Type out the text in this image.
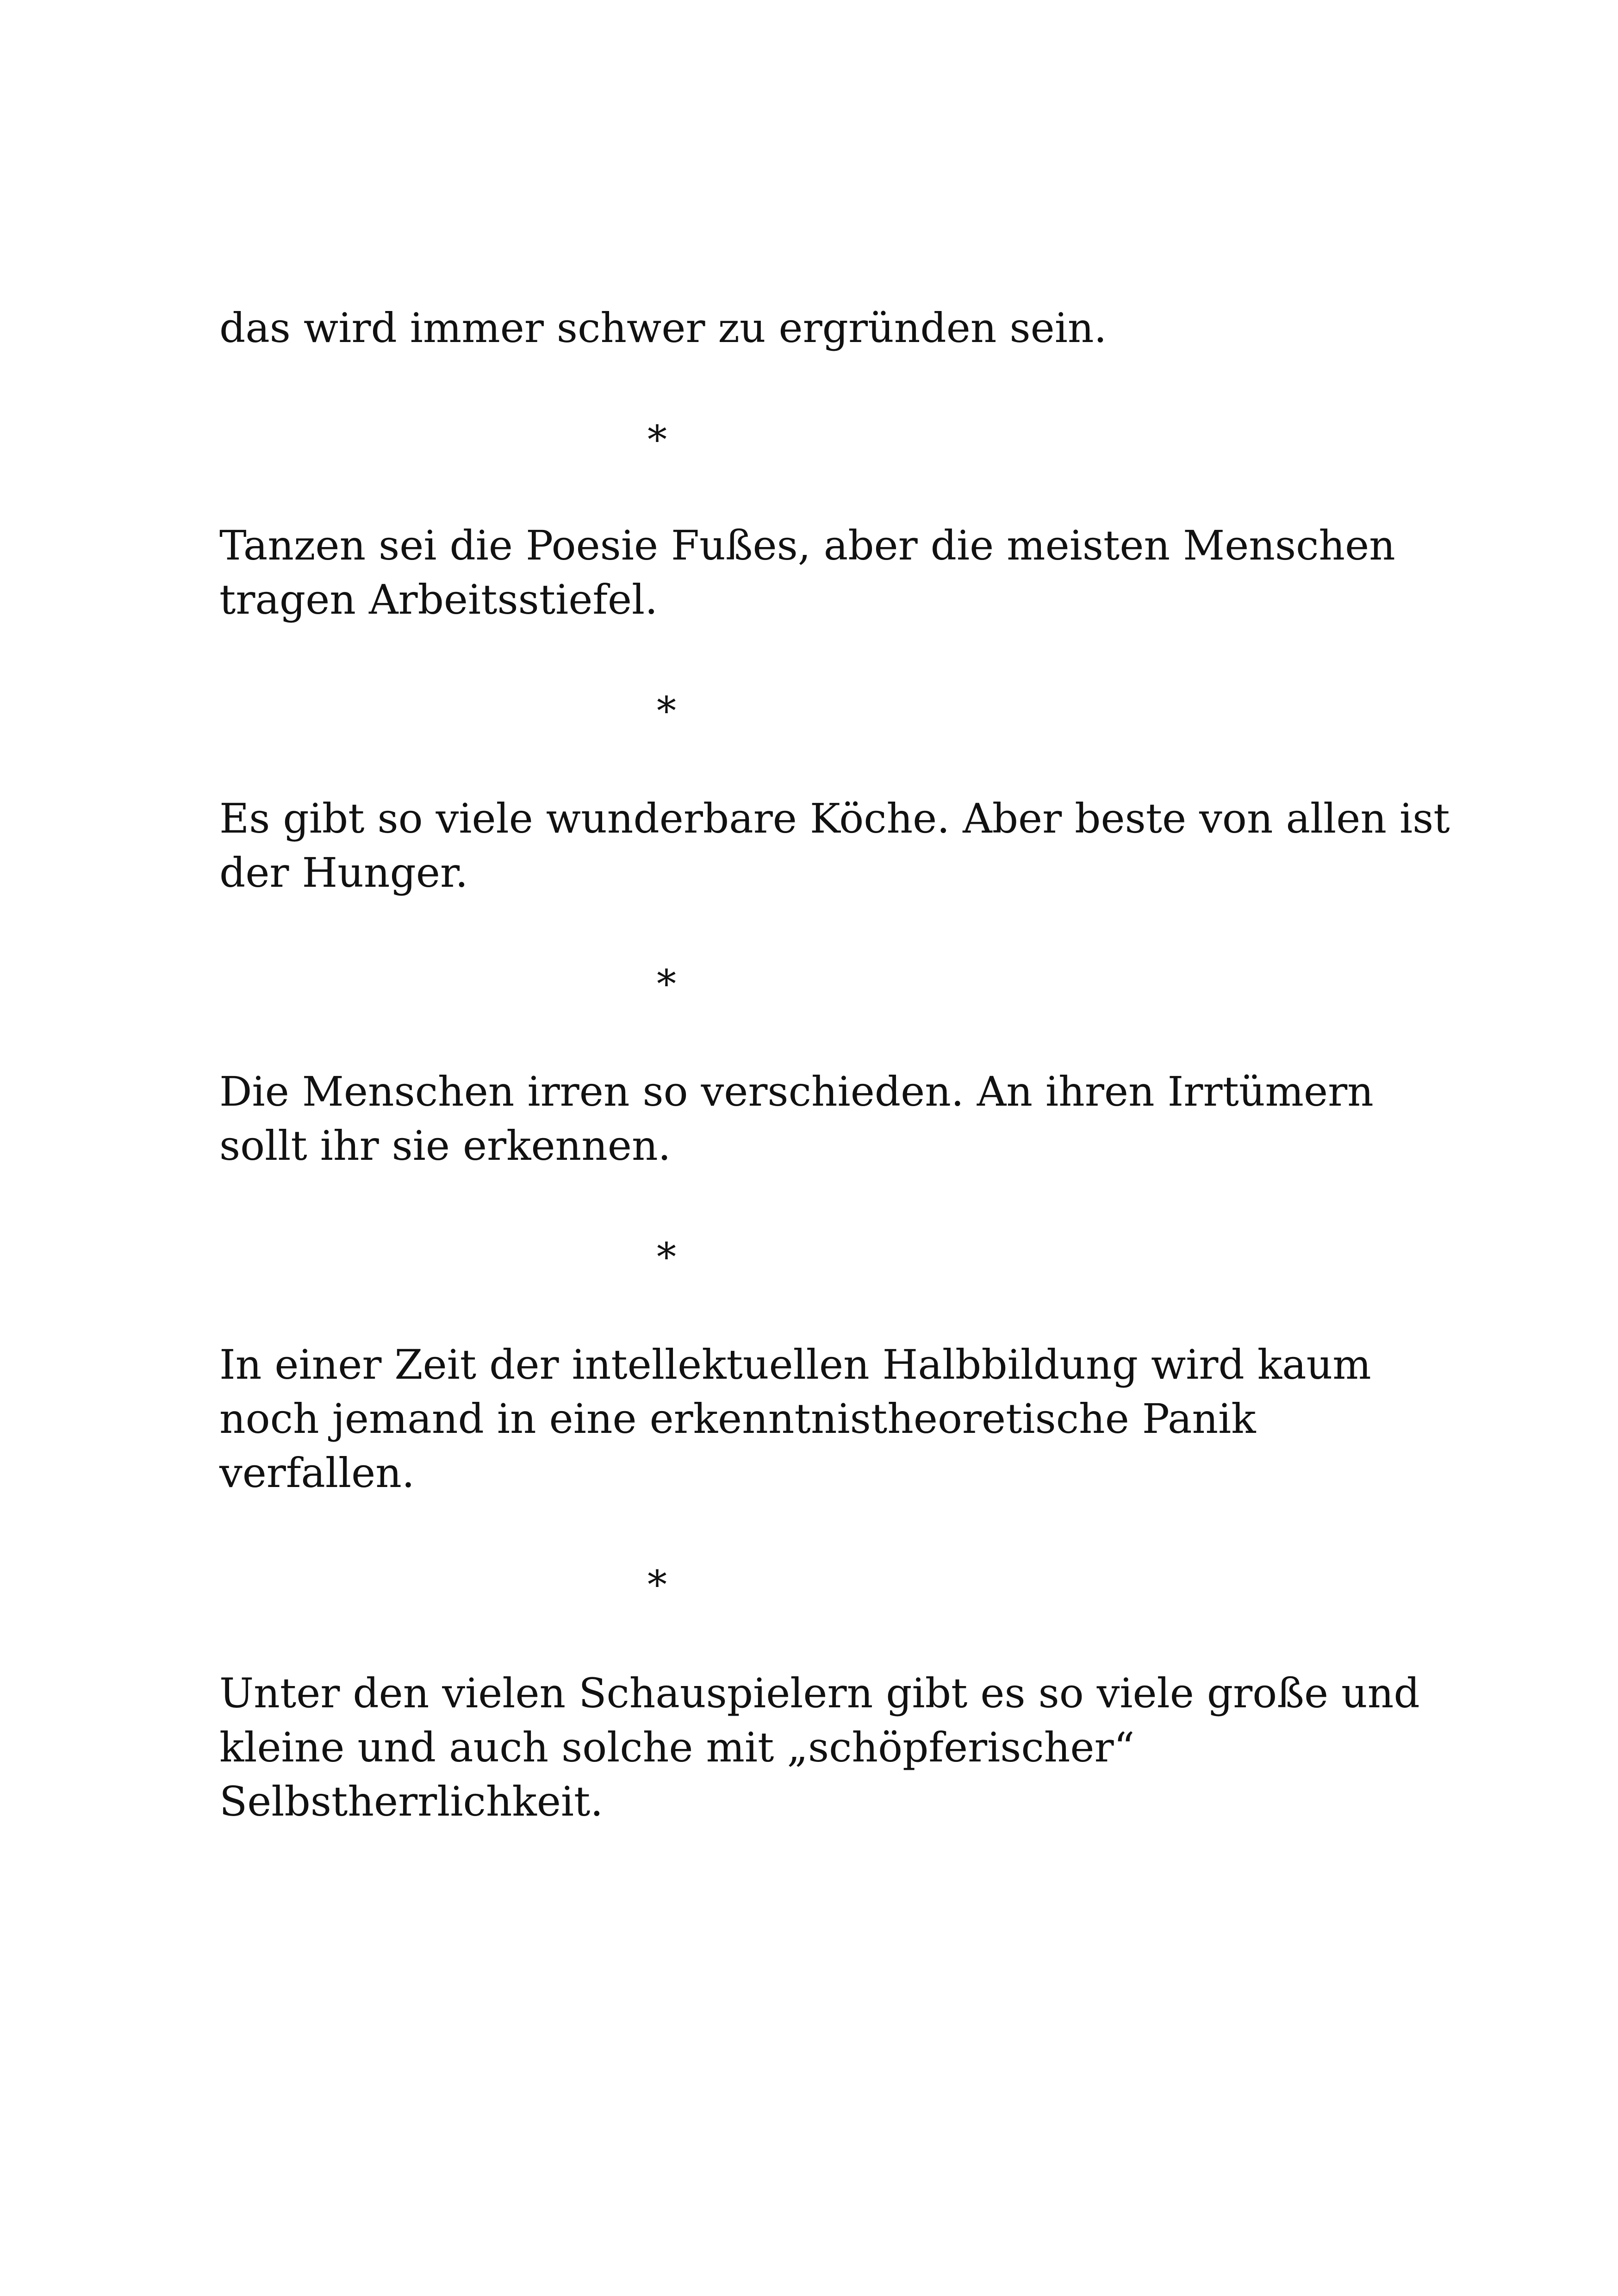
das wird immer schwer zu ergründen sein.

*

Tanzen sei die Poesie Fußes, aber die meisten Menschen
tragen Arbeitsstiefel.

*

Es gibt so viele wunderbare Köche. Aber beste von allen ist
der Hunger.

*

Die Menschen irren so verschieden. An ihren Irrtümern
sollt ihr sie erkennen.

*

In einer Zeit der intellektuellen Halbbildung wird kaum
noch jemand in eine erkenntnistheoretische Panik
verfallen.

*

Unter den vielen Schauspielern gibt es so viele große und
kleine und auch solche mit „schöpferischer“
Selbstherrlichkeit.
